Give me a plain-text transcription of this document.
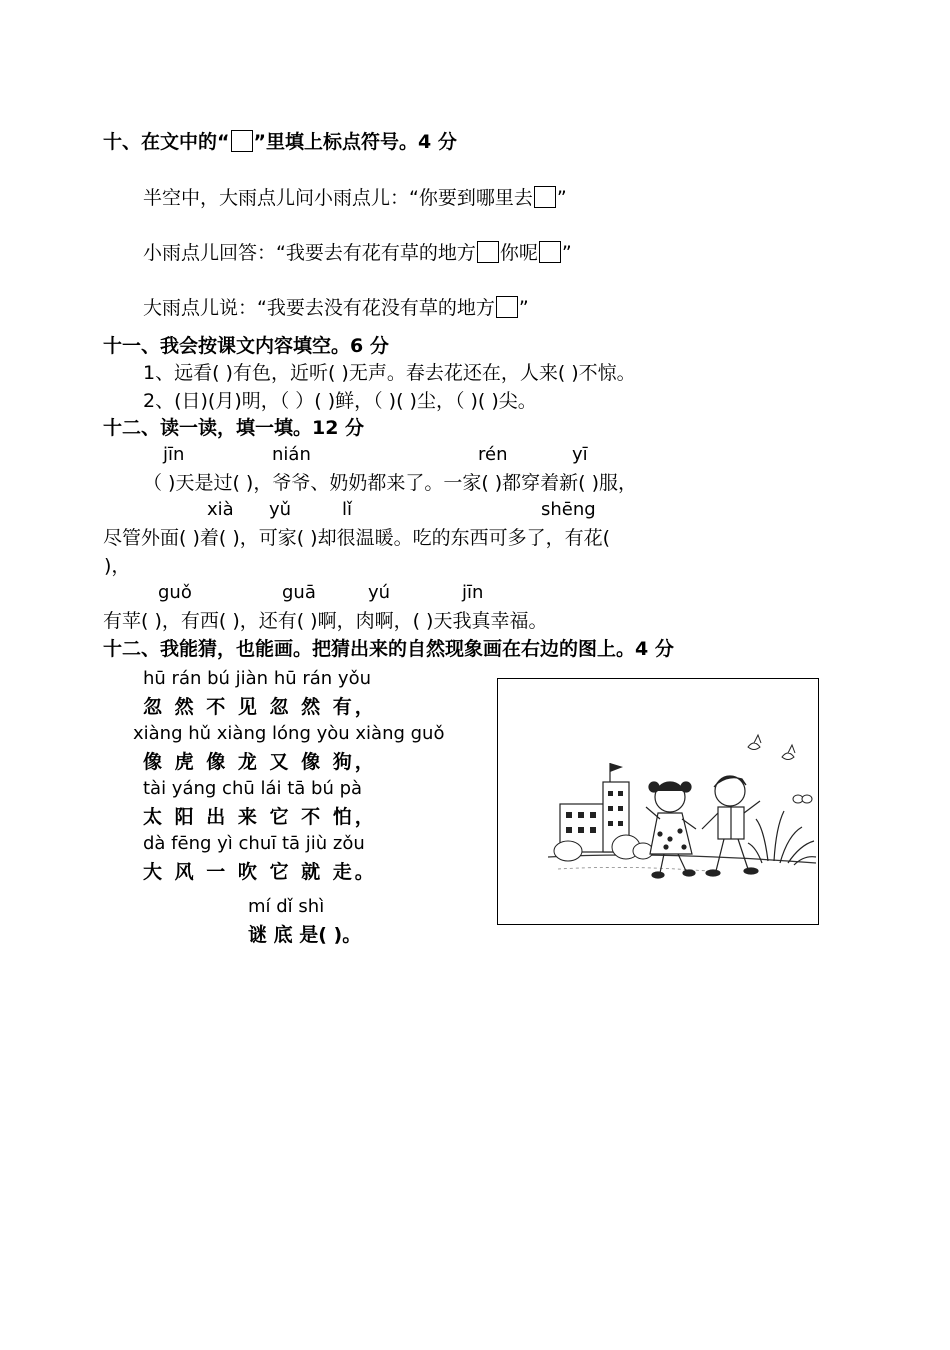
十、在文中的“ ”里填上标点符号。4 分
半空中，大雨点儿问小雨点儿：“你要到哪里去 ”
小雨点儿回答：“我要去有花有草的地方 你呢 ”
大雨点儿说：“我要去没有花没有草的地方 ”
十一、我会按课文内容填空。6 分
1、远看( )有色，近听( )无声。春去花还在，人来( )不惊。
2、(日)(月)明，（ ）( )鲜，（ )( )尘，（ )( )尖。
十二、读一读，填一填。12 分
jīn	nián	rén	yī
（ )天是过( )，爷爷、奶奶都来了。一家( )都穿着新( )服，
xià yǔ	lǐ	shēng
尽管外面( )着( )，可家( )却很温暖。吃的东西可多了，有花(
)，
guǒ	guā	yú	jīn
有苹( )，有西( )，还有( )啊，肉啊，( )天我真幸福。
十二、我能猜，也能画。把猜出来的自然现象画在右边的图上。4 分
hū rán bú jiàn hū rán yǒu
忽 然 不 见 忽 然 有，
xiàng hǔ xiàng lóng yòu xiàng guǒ
像 虎 像 龙 又 像 狗，
tài yáng chū lái tā bú pà
太 阳 出 来 它 不 怕，
dà fēng yì chuī tā jiù zǒu
大 风 一 吹 它 就 走。
mí dǐ shì
谜 底 是( )。
